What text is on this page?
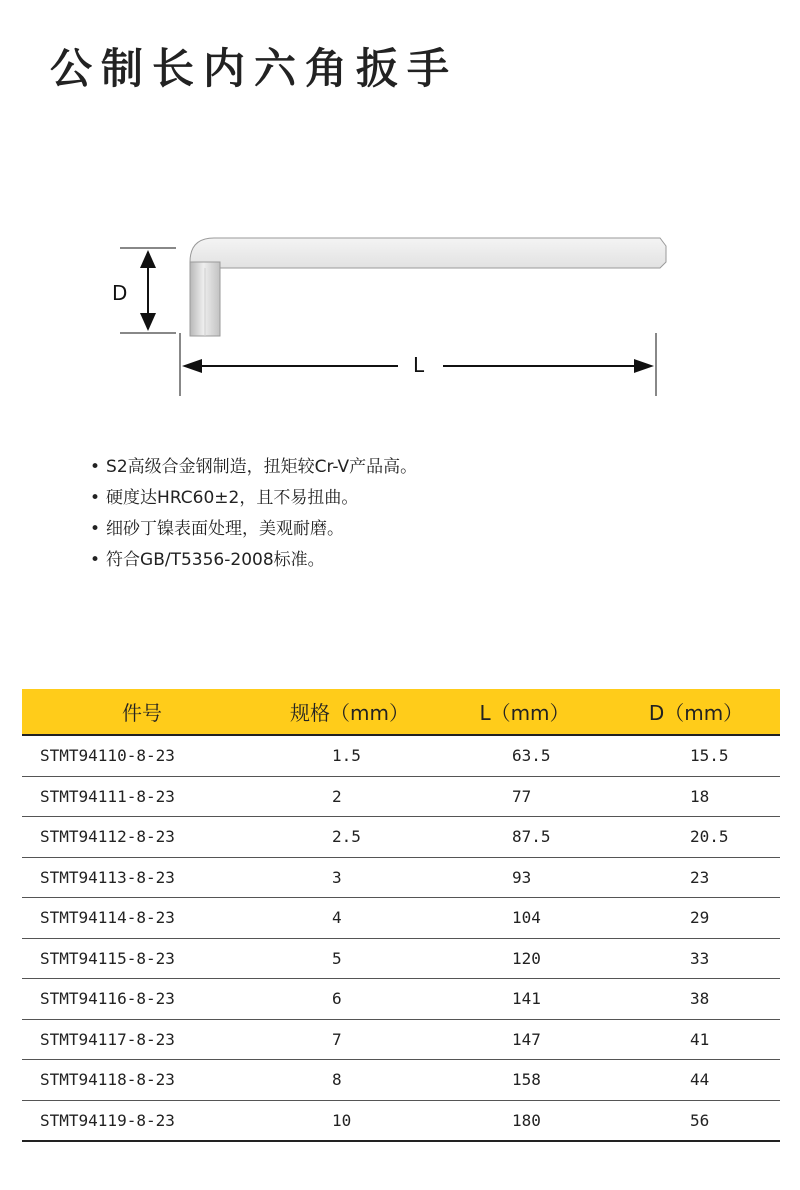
公制长内六角扳手
D
L
• S2高级合金钢制造，扭矩较Cr-V产品高。
• 硬度达HRC60±2，且不易扭曲。
• 细砂丁镍表面处理，美观耐磨。
• 符合GB/T5356-2008标准。
件号	规格（mm）	L（mm）	D（mm）
STMT94110-8-23	1.5	63.5	15.5
STMT94111-8-23	2	77	18
STMT94112-8-23	2.5	87.5	20.5
STMT94113-8-23	3	93	23
STMT94114-8-23	4	104	29
STMT94115-8-23	5	120	33
STMT94116-8-23	6	141	38
STMT94117-8-23	7	147	41
STMT94118-8-23	8	158	44
STMT94119-8-23	10	180	56
